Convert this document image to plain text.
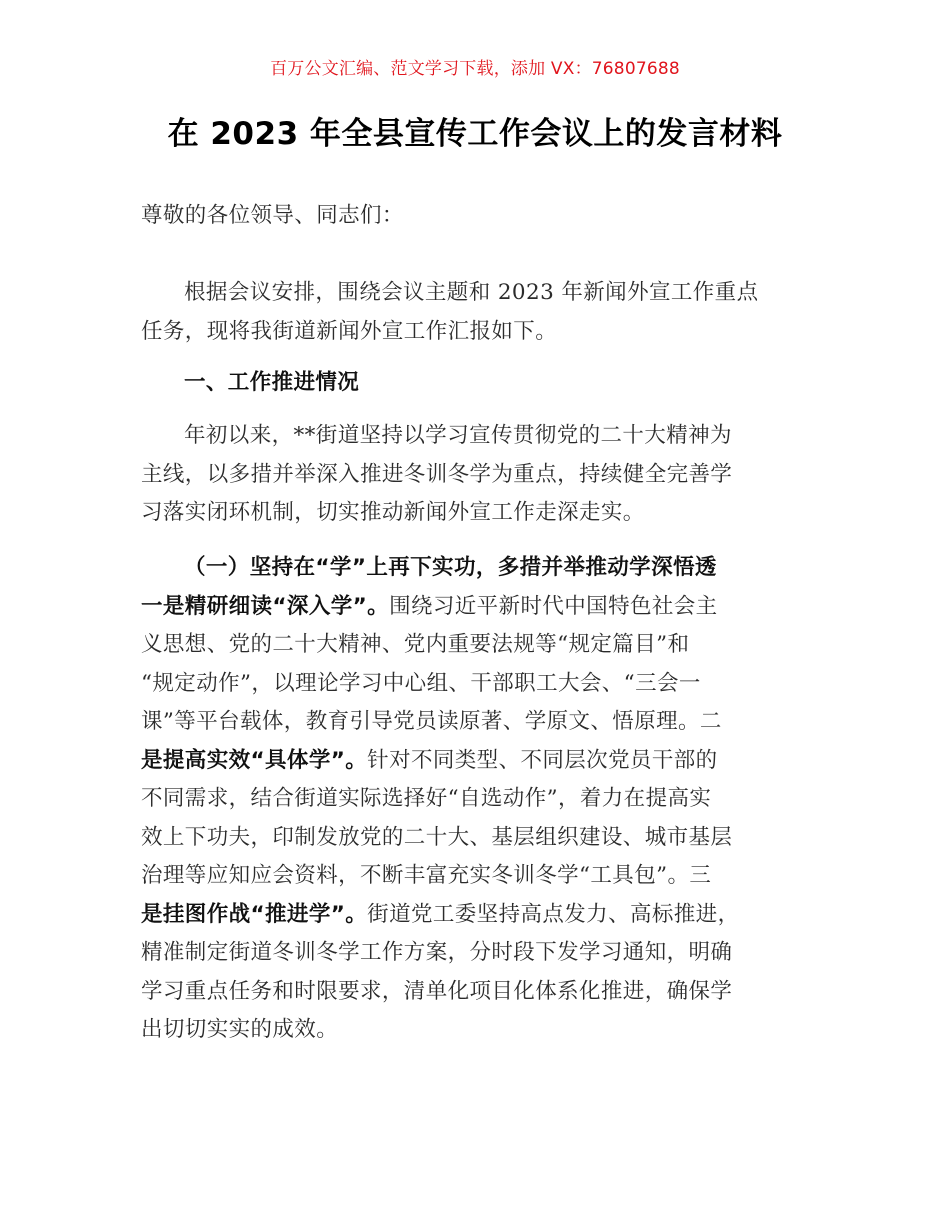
百万公文汇编、范文学习下载，添加 VX：76807688
在 2023 年全县宣传工作会议上的发言材料
尊敬的各位领导、同志们：
根据会议安排，围绕会议主题和 2023 年新闻外宣工作重点
任务，现将我街道新闻外宣工作汇报如下。
一、工作推进情况
年初以来，**街道坚持以学习宣传贯彻党的二十大精神为
主线，以多措并举深入推进冬训冬学为重点，持续健全完善学
习落实闭环机制，切实推动新闻外宣工作走深走实。
（一）坚持在“学”上再下实功，多措并举推动学深悟透
一是精研细读“深入学”。围绕习近平新时代中国特色社会主
义思想、党的二十大精神、党内重要法规等“规定篇目”和
“规定动作”，以理论学习中心组、干部职工大会、“三会一
课”等平台载体，教育引导党员读原著、学原文、悟原理。二
是提高实效“具体学”。针对不同类型、不同层次党员干部的
不同需求，结合街道实际选择好“自选动作”，着力在提高实
效上下功夫，印制发放党的二十大、基层组织建设、城市基层
治理等应知应会资料，不断丰富充实冬训冬学“工具包”。三
是挂图作战“推进学”。街道党工委坚持高点发力、高标推进，
精准制定街道冬训冬学工作方案，分时段下发学习通知，明确
学习重点任务和时限要求，清单化项目化体系化推进，确保学
出切切实实的成效。
